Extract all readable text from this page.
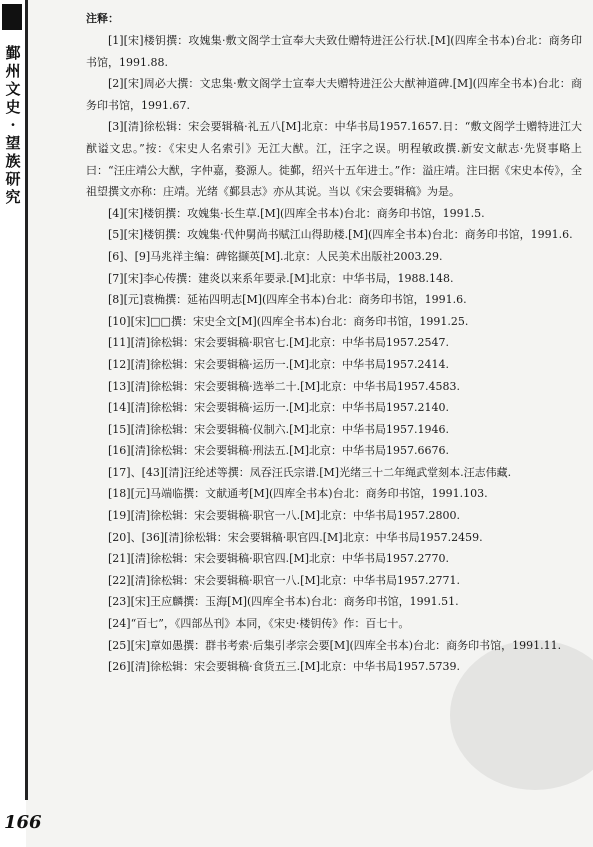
鄞州文史·望族研究
166
注释：

[1][宋]楼钥撰：攻媿集·敷文阁学士宣奉大夫致仕赠特进汪公行状.[M](四库全书本)台北：商务印书馆，1991.88.

[2][宋]周必大撰：文忠集·敷文阁学士宣奉大夫赠特进汪公大猷神道碑.[M](四库全书本)台北：商务印书馆，1991.67.

[3][清]徐松辑：宋会要辑稿·礼五八[M]北京：中华书局1957.1657.日：“敷文阁学士赠特进江大猷谥文忠。”按：《宋史人名索引》无江大猷。江，汪字之误。明程敏政撰.新安文献志·先贤事略上曰：“汪庄靖公大猷，字仲嘉，婺源人。徙鄞，绍兴十五年进士。”作：溢庄靖。注曰据《宋史本传》，全祖望撰文亦称：庄靖。光绪《鄞县志》亦从其说。当以《宋会要辑稿》为是。

[4][宋]楼钥撰：攻媿集·长生草.[M](四库全书本)台北：商务印书馆，1991.5.

[5][宋]楼钥撰：攻媿集·代仲舅尚书赋江山得助楼.[M](四库全书本)台北：商务印书馆，1991.6.

[6]、[9]马兆祥主编：碑铭撷英[M].北京：人民美术出版社2003.29.

[7][宋]李心传撰：建炎以来系年要录.[M]北京：中华书局，1988.148.

[8][元]袁桷撰：延祐四明志[M](四库全书本)台北：商务印书馆，1991.6.

[10][宋]□□撰：宋史全文[M](四库全书本)台北：商务印书馆，1991.25.

[11][清]徐松辑：宋会要辑稿·职官七.[M]北京：中华书局1957.2547.

[12][清]徐松辑：宋会要辑稿·运历一.[M]北京：中华书局1957.2414.

[13][清]徐松辑：宋会要辑稿·选举二十.[M]北京：中华书局1957.4583.

[14][清]徐松辑：宋会要辑稿·运历一.[M]北京：中华书局1957.2140.

[15][清]徐松辑：宋会要辑稿·仪制六.[M]北京：中华书局1957.1946.

[16][清]徐松辑：宋会要辑稿·刑法五.[M]北京：中华书局1957.6676.

[17]、[43][清]汪纶述等撰：凤吞汪氏宗谱.[M]光绪三十二年绳武堂刻本.汪志伟藏.

[18][元]马端临撰：文献通考[M](四库全书本)台北：商务印书馆，1991.103.

[19][清]徐松辑：宋会要辑稿·职官一八.[M]北京：中华书局1957.2800.

[20]、[36][清]徐松辑：宋会要辑稿·职官四.[M]北京：中华书局1957.2459.

[21][清]徐松辑：宋会要辑稿·职官四.[M]北京：中华书局1957.2770.

[22][清]徐松辑：宋会要辑稿·职官一八.[M]北京：中华书局1957.2771.

[23][宋]王应麟撰：玉海[M](四库全书本)台北：商务印书馆，1991.51.

[24]“百七”，《四部丛刊》本同，《宋史·楼钥传》作：百七十。

[25][宋]章如愚撰：群书考索·后集引孝宗会要[M](四库全书本)台北：商务印书馆，1991.11.

[26][清]徐松辑：宋会要辑稿·食货五三.[M]北京：中华书局1957.5739.
